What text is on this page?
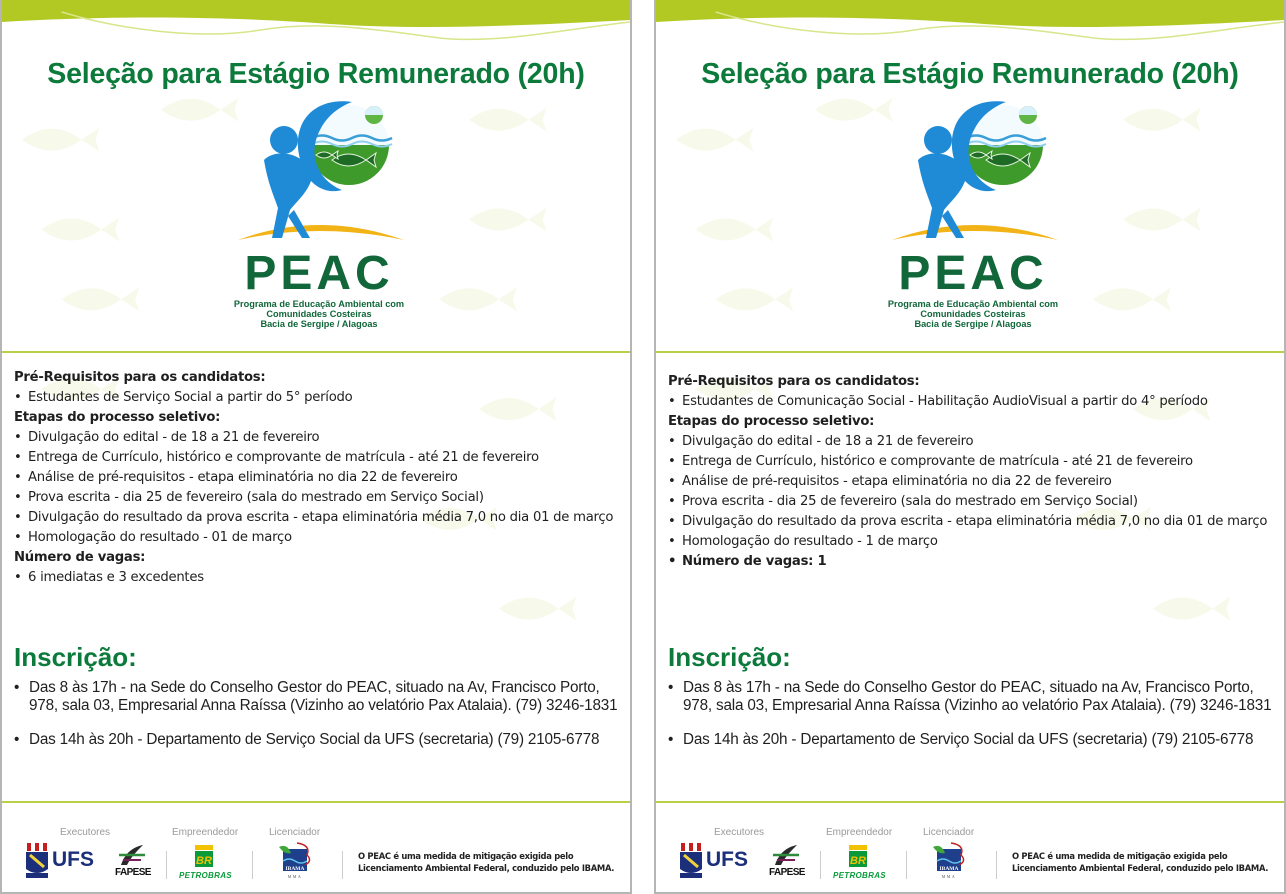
Seleção para Estágio Remunerado (20h)
PEAC
Programa de Educação Ambiental com
Comunidades Costeiras
Bacia de Sergipe / Alagoas
Pré-Requisitos para os candidatos:
• Estudantes de Serviço Social a partir do 5° período
Etapas do processo seletivo:
• Divulgação do edital - de 18 a 21 de fevereiro
• Entrega de Currículo, histórico e comprovante de matrícula - até 21 de fevereiro
• Análise de pré-requisitos - etapa eliminatória no dia 22 de fevereiro
• Prova escrita - dia 25 de fevereiro (sala do mestrado em Serviço Social)
• Divulgação do resultado da prova escrita - etapa eliminatória média 7,0 no dia 01 de março
• Homologação do resultado - 01 de março
Número de vagas:
• 6 imediatas e 3 excedentes
Inscrição:
• Das 8 às 17h - na Sede do Conselho Gestor do PEAC, situado na Av, Francisco Porto, 978, sala 03, Empresarial Anna Raíssa (Vizinho ao velatório Pax Atalaia). (79) 3246-1831
• Das 14h às 20h - Departamento de Serviço Social da UFS (secretaria) (79) 2105-6778
Executores	Empreendedor	Licenciador
UFS
FAPESE
BR
PETROBRAS
IBAMA
MMA
O PEAC é uma medida de mitigação exigida pelo Licenciamento Ambiental Federal, conduzido pelo IBAMA.
Seleção para Estágio Remunerado (20h)
PEAC
Programa de Educação Ambiental com
Comunidades Costeiras
Bacia de Sergipe / Alagoas
Pré-Requisitos para os candidatos:
• Estudantes de Comunicação Social - Habilitação AudioVisual a partir do 4° período
Etapas do processo seletivo:
• Divulgação do edital - de 18 a 21 de fevereiro
• Entrega de Currículo, histórico e comprovante de matrícula - até 21 de fevereiro
• Análise de pré-requisitos - etapa eliminatória no dia 22 de fevereiro
• Prova escrita - dia 25 de fevereiro (sala do mestrado em Serviço Social)
• Divulgação do resultado da prova escrita - etapa eliminatória média 7,0 no dia 01 de março
• Homologação do resultado - 1 de março
• Número de vagas: 1
Inscrição:
• Das 8 às 17h - na Sede do Conselho Gestor do PEAC, situado na Av, Francisco Porto, 978, sala 03, Empresarial Anna Raíssa (Vizinho ao velatório Pax Atalaia). (79) 3246-1831
• Das 14h às 20h - Departamento de Serviço Social da UFS (secretaria) (79) 2105-6778
Executores	Empreendedor	Licenciador
UFS
FAPESE
BR
PETROBRAS
IBAMA
MMA
O PEAC é uma medida de mitigação exigida pelo Licenciamento Ambiental Federal, conduzido pelo IBAMA.
